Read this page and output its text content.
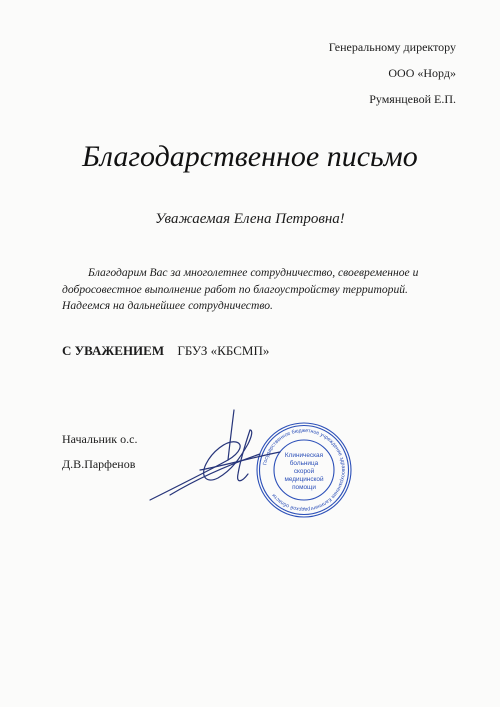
Генеральному директору
ООО «Норд»
Румянцевой Е.П.
Благодарственное письмо
Уважаемая Елена Петровна!
Благодарим Вас за многолетнее сотрудничество, своевременное и
добросовестное выполнение работ по благоустройству территорий.
Надеемся на дальнейшее сотрудничество.
С УВАЖЕНИЕМ ГБУЗ «КБСМП»
Начальник о.с.
Д.В.Парфенов	Государственное бюджетное учреждение здравоохранения Калининградской области
Клиническая
больница
скорой
медицинской
помощи
